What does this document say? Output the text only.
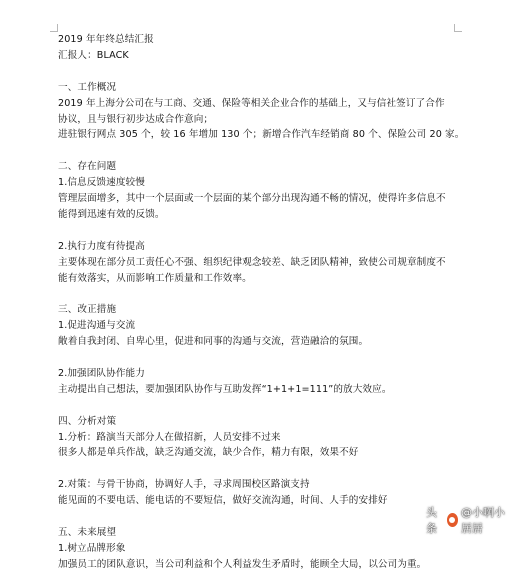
2019 年年终总结汇报
汇报人：BLACK
一、工作概况
2019 年上海分公司在与工商、交通、保险等相关企业合作的基础上，又与信社签订了合作
协议，且与银行初步达成合作意向；
进驻银行网点 305 个，较 16 年增加 130 个；新增合作汽车经销商 80 个、保险公司 20 家。
二、存在问题
1.信息反馈速度较慢
管理层面增多，其中一个层面或一个层面的某个部分出现沟通不畅的情况，使得许多信息不
能得到迅速有效的反馈。
2.执行力度有待提高
主要体现在部分员工责任心不强、组织纪律观念较差、缺乏团队精神，致使公司规章制度不
能有效落实，从而影响工作质量和工作效率。
三、改正措施
1.促进沟通与交流
敞着自我封闭、自卑心里，促进和同事的沟通与交流，营造融洽的氛围。
2.加强团队协作能力
主动提出自己想法，要加强团队协作与互助发挥“1+1+1=111”的放大效应。
四、分析对策
1.分析：路演当天部分人在做招新，人员安排不过来
很多人都是单兵作战，缺乏沟通交流，缺少合作，精力有限，效果不好
2.对策：与骨干协商，协调好人手，寻求周围校区路演支持
能见面的不要电话、能电话的不要短信，做好交流沟通，时间、人手的安排好
五、未来展望
1.树立品牌形象
加强员工的团队意识，当公司利益和个人利益发生矛盾时，能顾全大局，以公司为重。
头条
@小啊小居居
